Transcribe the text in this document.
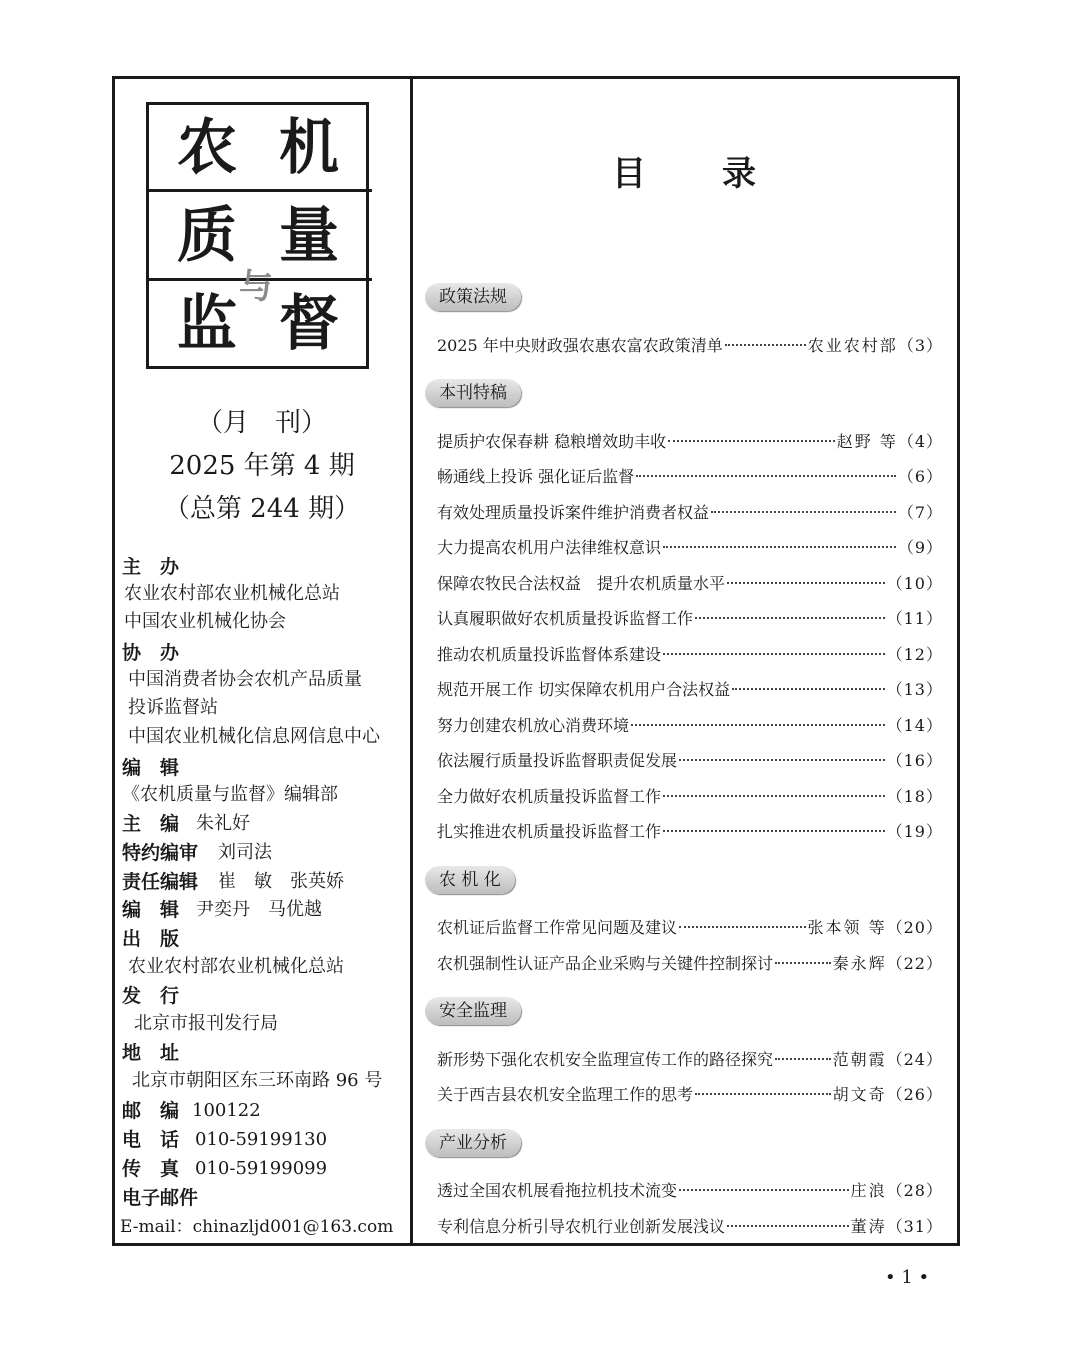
农 机
质 量
与
监 督
（月　刊）
2025 年第 4 期
（总第 244 期）
主　办
农业农村部农业机械化总站
中国农业机械化协会
协　办
中国消费者协会农机产品质量
投诉监督站
中国农业机械化信息网信息中心
编　辑
《农机质量与监督》编辑部
主　编 朱礼好
特约编审 刘司法
责任编辑 崔　敏　张英娇
编　辑 尹奕丹　马优越
出　版
农业农村部农业机械化总站
发　行
北京市报刊发行局
地　址
北京市朝阳区东三环南路 96 号
邮　编 100122
电　话 010-59199130
传　真 010-59199099
电子邮件
E-mail：chinazljd001@163.com
目录
政策法规
2025 年中央财政强农惠农富农政策清单	农业农村部 （3）
本刊特稿
提质护农保春耕 稳粮增效助丰收	赵野 等 （4）
畅通线上投诉 强化证后监督	（6）
有效处理质量投诉案件维护消费者权益	（7）
大力提高农机用户法律维权意识	（9）
保障农牧民合法权益　提升农机质量水平	（10）
认真履职做好农机质量投诉监督工作	（11）
推动农机质量投诉监督体系建设	（12）
规范开展工作 切实保障农机用户合法权益	（13）
努力创建农机放心消费环境	（14）
依法履行质量投诉监督职责促发展	（16）
全力做好农机质量投诉监督工作	（18）
扎实推进农机质量投诉监督工作	（19）
农 机 化
农机证后监督工作常见问题及建议	张本领 等 （20）
农机强制性认证产品企业采购与关键件控制探讨	秦永辉 （22）
安全监理
新形势下强化农机安全监理宣传工作的路径探究	范朝霞 （24）
关于西吉县农机安全监理工作的思考	胡文奇 （26）
产业分析
透过全国农机展看拖拉机技术流变	庄浪 （28）
专利信息分析引导农机行业创新发展浅议	董涛 （31）
• 1 •
